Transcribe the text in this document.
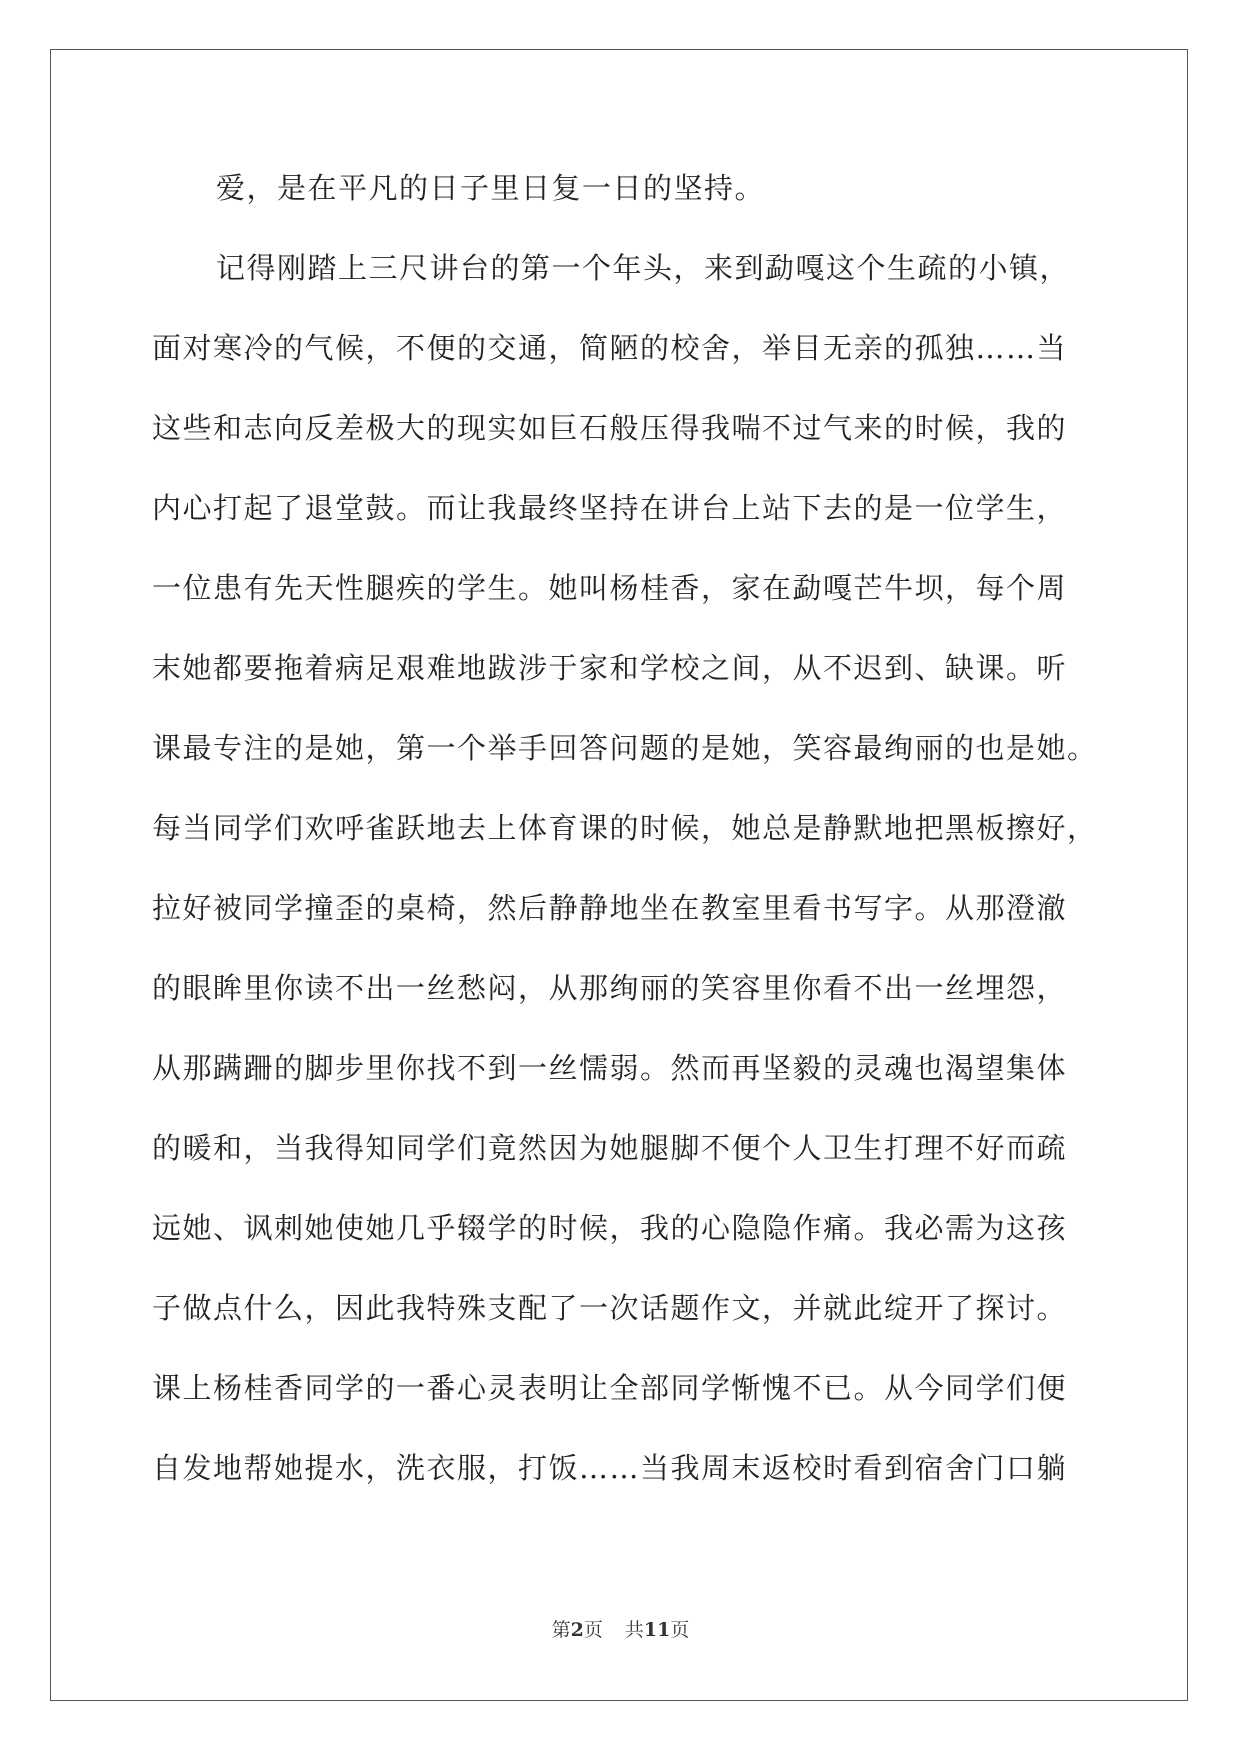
爱，是在平凡的日子里日复一日的坚持。
记得刚踏上三尺讲台的第一个年头，来到勐嘎这个生疏的小镇，
面对寒冷的气候，不便的交通，简陋的校舍，举目无亲的孤独……当
这些和志向反差极大的现实如巨石般压得我喘不过气来的时候，我的
内心打起了退堂鼓。而让我最终坚持在讲台上站下去的是一位学生，
一位患有先天性腿疾的学生。她叫杨桂香，家在勐嘎芒牛坝，每个周
末她都要拖着病足艰难地跋涉于家和学校之间，从不迟到、缺课。听
课最专注的是她，第一个举手回答问题的是她，笑容最绚丽的也是她。
每当同学们欢呼雀跃地去上体育课的时候，她总是静默地把黑板擦好，
拉好被同学撞歪的桌椅，然后静静地坐在教室里看书写字。从那澄澈
的眼眸里你读不出一丝愁闷，从那绚丽的笑容里你看不出一丝埋怨，
从那蹒跚的脚步里你找不到一丝懦弱。然而再坚毅的灵魂也渴望集体
的暖和，当我得知同学们竟然因为她腿脚不便个人卫生打理不好而疏
远她、讽刺她使她几乎辍学的时候，我的心隐隐作痛。我必需为这孩
子做点什么，因此我特殊支配了一次话题作文，并就此绽开了探讨。
课上杨桂香同学的一番心灵表明让全部同学惭愧不已。从今同学们便
自发地帮她提水，洗衣服，打饭……当我周末返校时看到宿舍门口躺
第2页 共11页
